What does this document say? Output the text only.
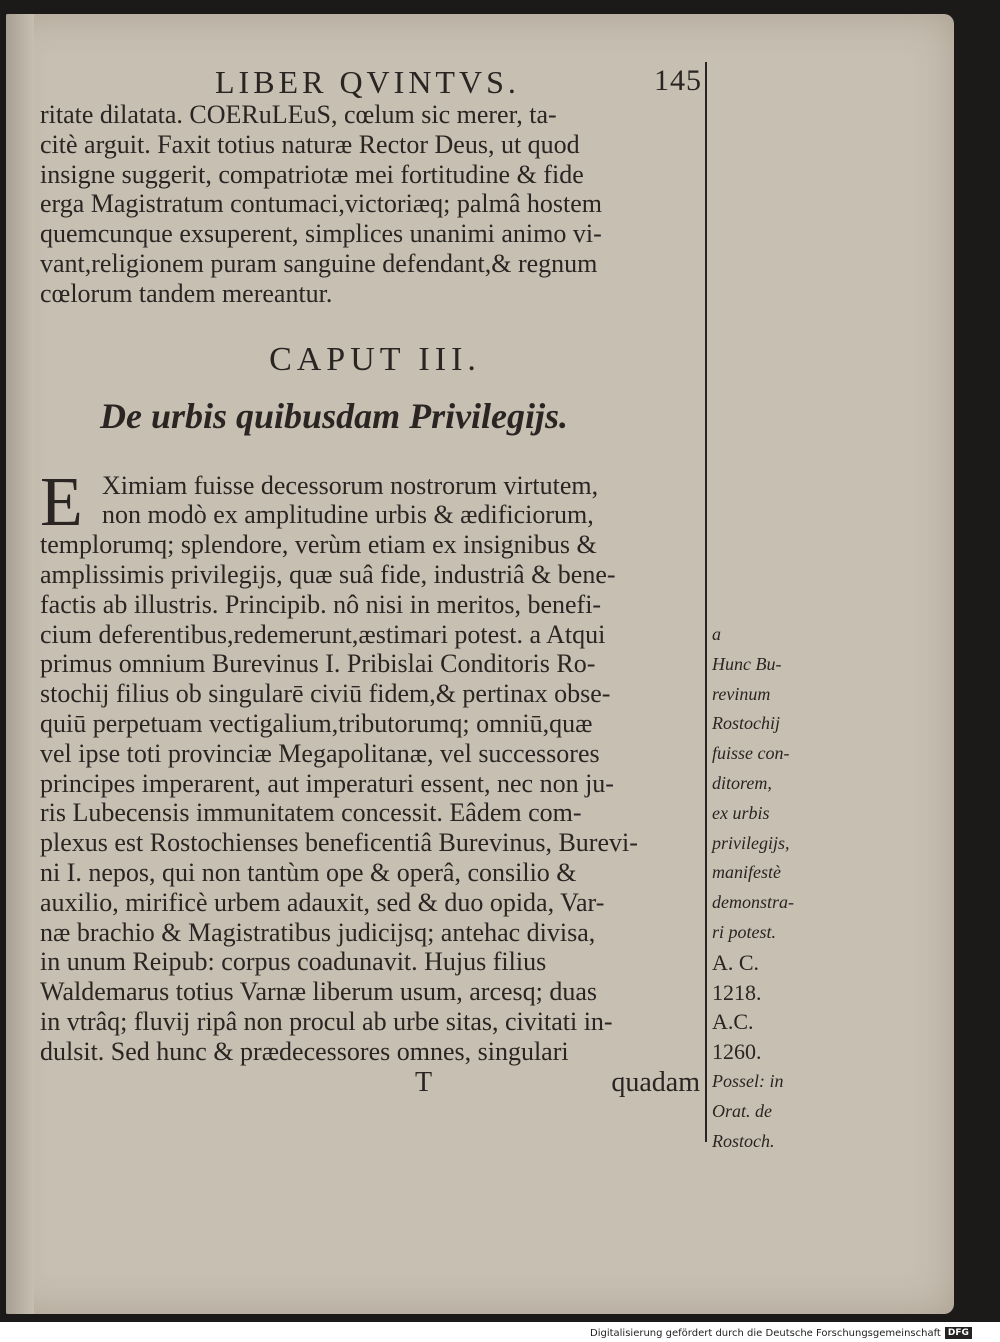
LIBER QVINTVS.	145

ritate dilatata. COERuLEuS, cœlum sic merer, ta-
citè arguit. Faxit totius naturæ Rector Deus, ut quod
insigne suggerit, compatriotæ mei fortitudine & fide
erga Magistratum contumaci,victoriæq; palmâ hostem
quemcunque exsuperent, simplices unanimi animo vi-
vant,religionem puram sanguine defendant,& regnum
cœlorum tandem mereantur.

CAPUT III.
De urbis quibusdam Privilegijs.

E Ximiam fuisse decessorum nostrorum virtutem,
non modò ex amplitudine urbis & ædificiorum,
templorumq; splendore, verùm etiam ex insignibus &
amplissimis privilegijs, quæ suâ fide, industriâ & bene-
factis ab illustris. Principib. nô nisi in meritos, benefi-
cium deferentibus,redemerunt,æstimari potest. a Atqui
primus omnium Burevinus I. Pribislai Conditoris Ro-
stochij filius ob singularē civiū fidem,& pertinax obse-
quiū perpetuam vectigalium,tributorumq; omniū,quæ
vel ipse toti provinciæ Megapolitanæ, vel successores
principes imperarent, aut imperaturi essent, nec non ju-
ris Lubecensis immunitatem concessit. Eâdem com-
plexus est Rostochienses beneficentiâ Burevinus, Burevi-
ni I. nepos, qui non tantùm ope & operâ, consilio &
auxilio, mirificè urbem adauxit, sed & duo opida, Var-
næ brachio & Magistratibus judicijsq; antehac divisa,
in unum Reipub: corpus coadunavit. Hujus filius
Waldemarus totius Varnæ liberum usum, arcesq; duas
in vtrâq; fluvij ripâ non procul ab urbe sitas, civitati in-
dulsit. Sed hunc & prædecessores omnes, singulari

T	quadam
a
Hunc Bu-
revinum
Rostochij
fuisse con-
ditorem,
ex urbis
privilegijs,
manifestè
demonstra-
ri potest.
A. C.
1218.
A.C.
1260.
Possel: in
Orat. de
Rostoch.
Digitalisierung gefördert durch die Deutsche Forschungsgemeinschaft DFG
